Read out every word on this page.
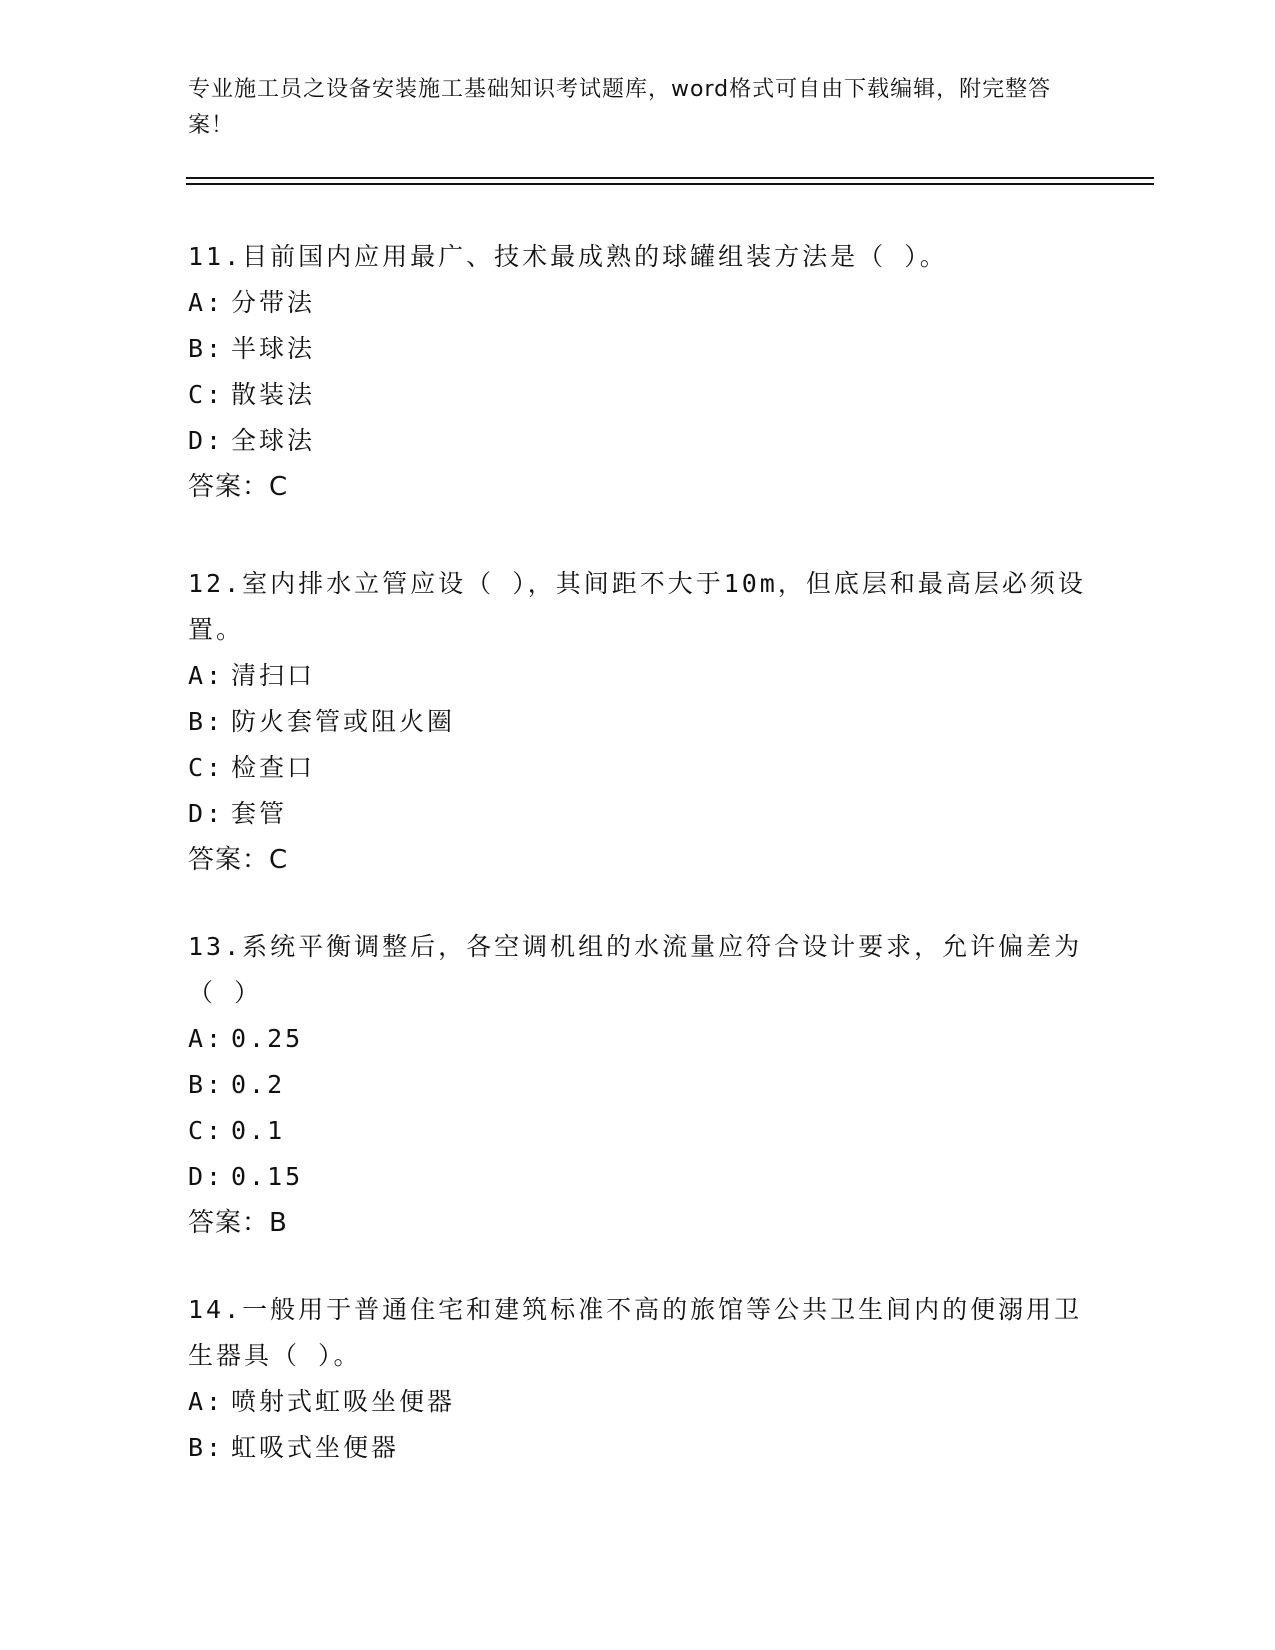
专业施工员之设备安装施工基础知识考试题库，word格式可自由下载编辑，附完整答案！

11.目前国内应用最广、技术最成熟的球罐组装方法是（ ）。

A: 分带法

B: 半球法

C: 散装法

D: 全球法

答案：C

12.室内排水立管应设（ ），其间距不大于10m，但底层和最高层必须设置。

A: 清扫口

B: 防火套管或阻火圈

C: 检查口

D: 套管

答案：C

13.系统平衡调整后，各空调机组的水流量应符合设计要求，允许偏差为（ ）

A: 0.25

B: 0.2

C: 0.1

D: 0.15

答案：B

14.一般用于普通住宅和建筑标准不高的旅馆等公共卫生间内的便溺用卫生器具（ ）。

A: 喷射式虹吸坐便器

B: 虹吸式坐便器
